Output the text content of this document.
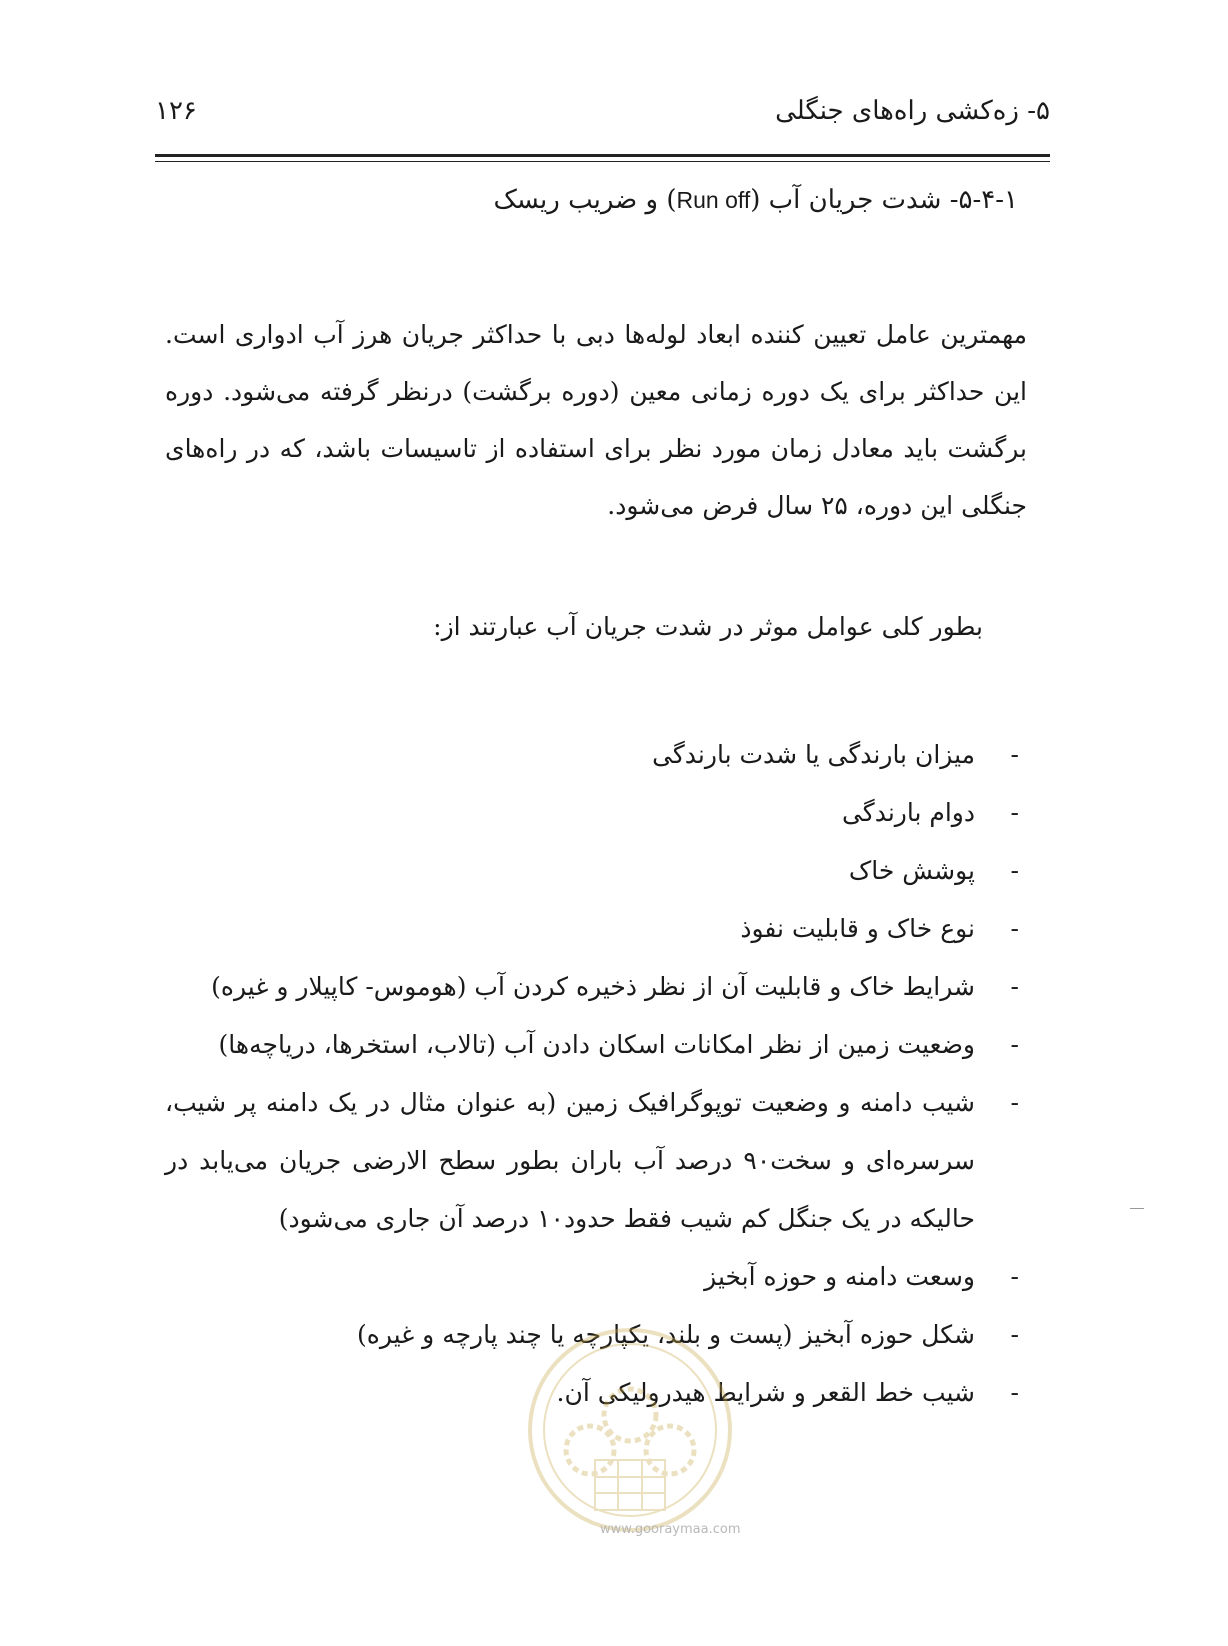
۵- زه‌کشی راه‌های جنگلی
۱۲۶
۵-۴-۱- شدت جریان آب (Run off) و ضریب ریسک

مهمترین عامل تعیین کننده ابعاد لوله‌ها دبی با حداکثر جریان هرز آب ادواری است. این حداکثر برای یک دوره زمانی معین (دوره برگشت) درنظر گرفته می‌شود. دوره برگشت باید معادل زمان مورد نظر برای استفاده از تاسیسات باشد، که در راه‌های جنگلی این دوره، ۲۵ سال فرض می‌شود.

بطور کلی عوامل موثر در شدت جریان آب عبارتند از:
-
میزان بارندگی یا شدت بارندگی
-
دوام بارندگی
-
پوشش خاک
-
نوع خاک و قابلیت نفوذ
-
شرایط خاک و قابلیت آن از نظر ذخیره کردن آب (هوموس- کاپیلار و غیره)
-
وضعیت زمین از نظر امکانات اسکان دادن آب (تالاب، استخرها، دریاچه‌ها)
-
شیب دامنه و وضعیت توپوگرافیک زمین (به عنوان مثال در یک دامنه پر شیب، سرسره‌ای و سخت۹۰ درصد آب باران بطور سطح الارضی جریان می‌یابد در حالیکه در یک جنگل کم شیب فقط حدود۱۰ درصد آن جاری می‌شود)
-
وسعت دامنه و حوزه آبخیز
-
شکل حوزه آبخیز (پست و بلند، یکپارچه یا چند پارچه و غیره)
-
شیب خط القعر و شرایط هیدرولیکی آن.
www.gooraymaa.com
